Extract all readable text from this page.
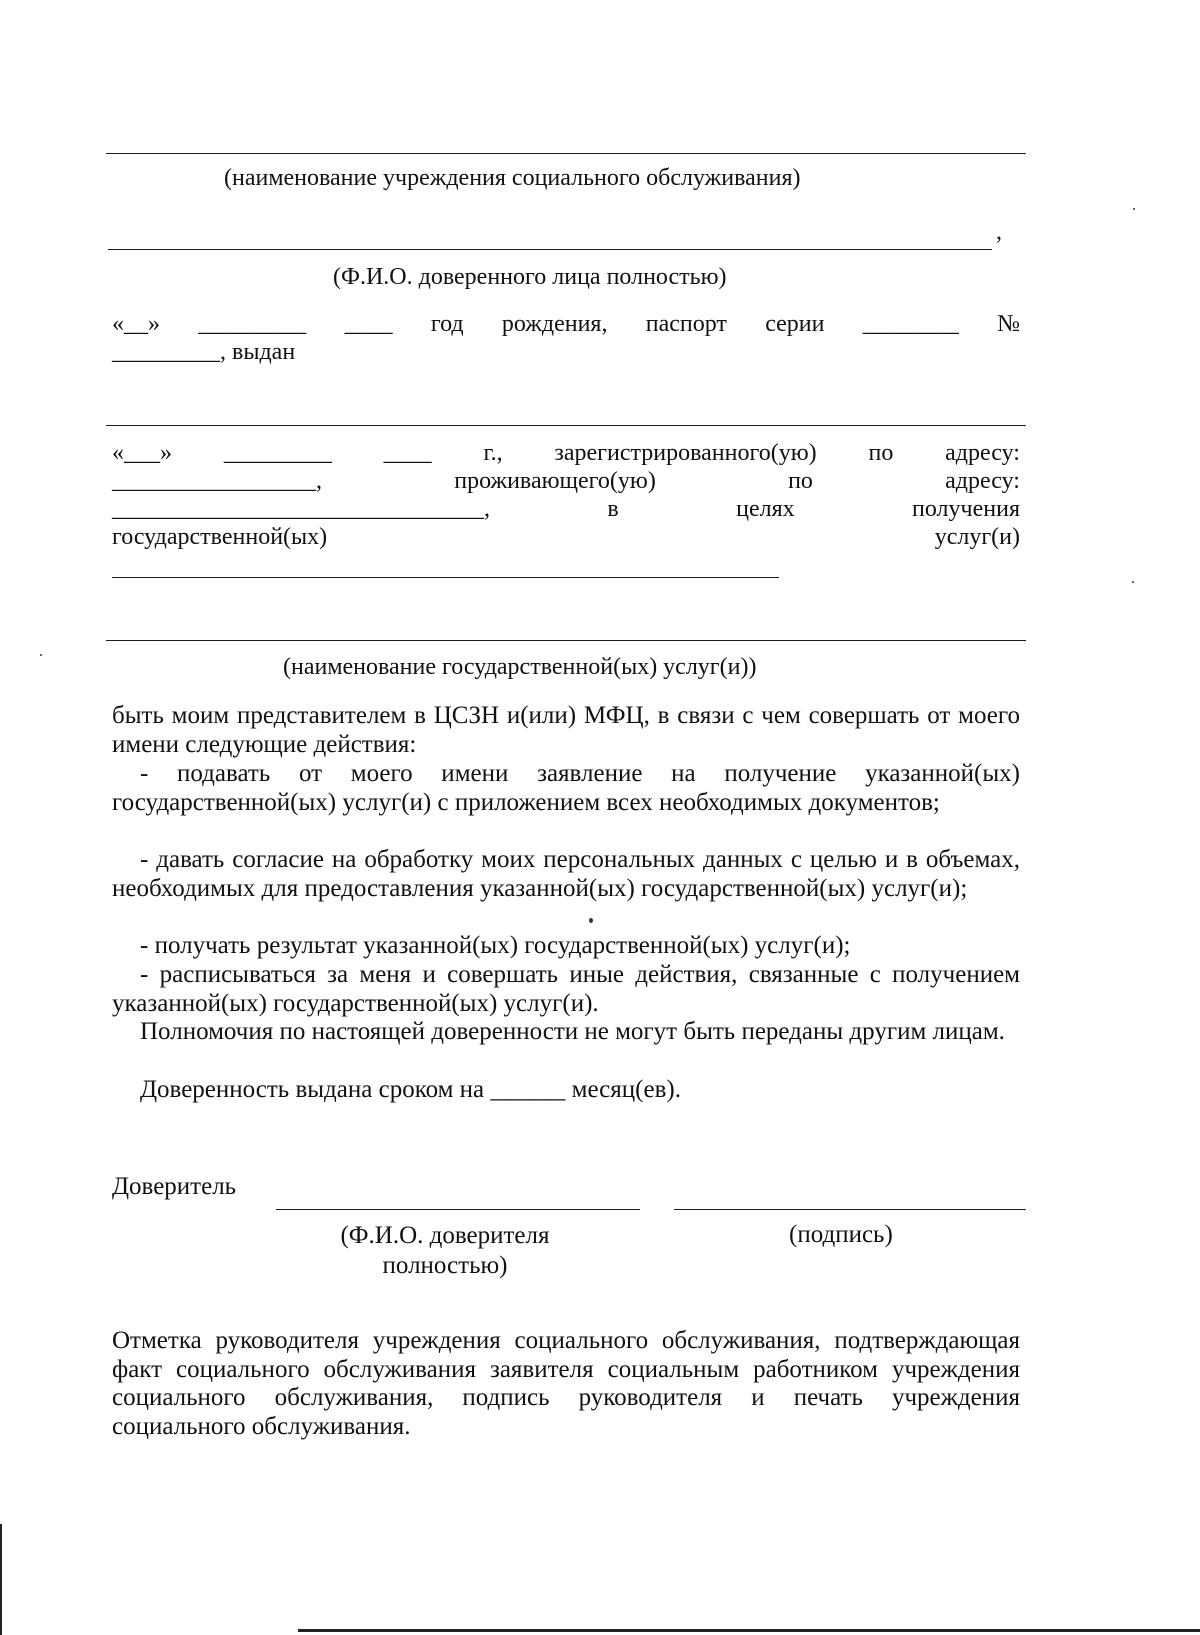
(наименование учреждения социального обслуживания)
,
(Ф.И.О. доверенного лица полностью)
«__» _________ ____ год рождения, паспорт серии ________ №
_________, выдан
«___» _________ ____ г., зарегистрированного(ую) по адресу:
_________________,	проживающего(ую)	по	адресу:
_______________________________,	в	целях	получения
государственной(ых)	услуг(и)
(наименование государственной(ых) услуг(и))

быть моим представителем в ЦСЗН и(или) МФЦ, в связи с чем совершать от моего имени следующие действия:

- подавать от моего имени заявление на получение указанной(ых) государственной(ых) услуг(и) с приложением всех необходимых документов;

- давать согласие на обработку моих персональных данных с целью и в объемах, необходимых для предоставления указанной(ых) государственной(ых) услуг(и);

- получать результат указанной(ых) государственной(ых) услуг(и);

- расписываться за меня и совершать иные действия, связанные с получением указанной(ых) государственной(ых) услуг(и).

Полномочия по настоящей доверенности не могут быть переданы другим лицам.

Доверенность выдана сроком на ______ месяц(ев).

Доверитель
(Ф.И.О. доверителя
полностью)
(подпись)

Отметка руководителя учреждения социального обслуживания, подтверждающая факт социального обслуживания заявителя социальным работником учреждения социального обслуживания, подпись руководителя и печать учреждения социального обслуживания.
